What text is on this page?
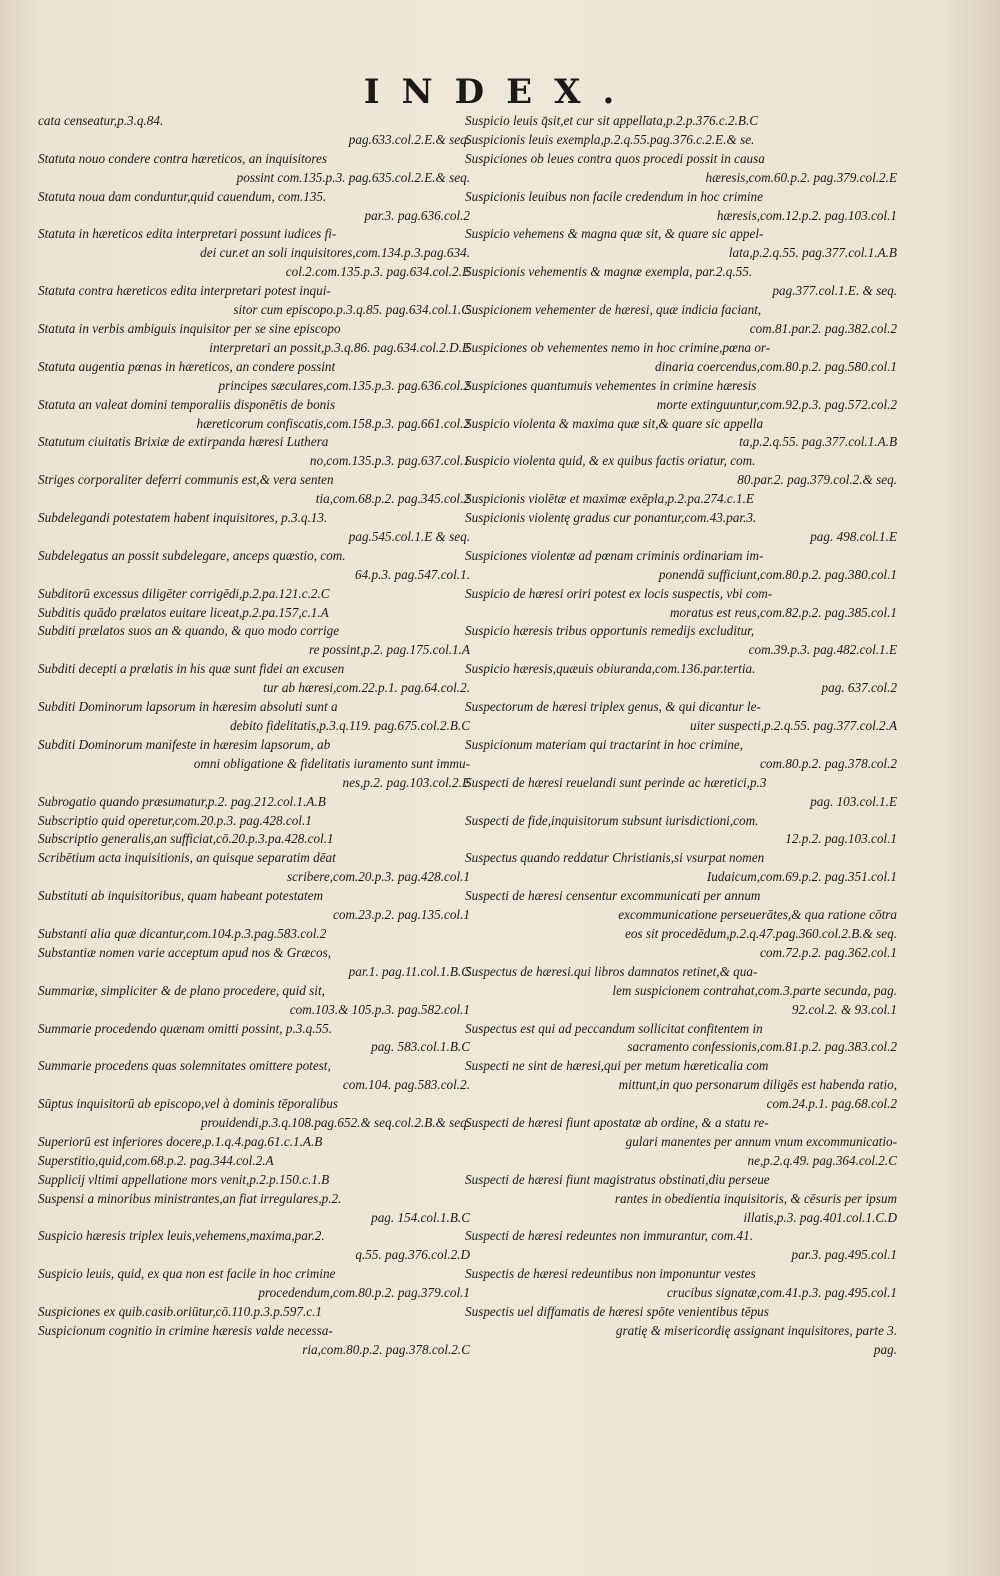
INDEX.
cata censeatur,p.3.q.84.
pag.633.col.2.E.& seq.
Statuta nouo condere contra hæreticos, an inquisitores
possint com.135.p.3. pag.635.col.2.E.& seq.
Statuta noua dam conduntur,quid cauendum, com.135.
par.3. pag.636.col.2
Statuta in hæreticos edita interpretari possunt iudices fi-
dei cur.et an soli inquisitores,com.134.p.3.pag.634.
col.2.com.135.p.3. pag.634.col.2.E
Statuta contra hæreticos edita interpretari potest inqui-
sitor cum episcopo.p.3.q.85. pag.634.col.1.C
Statuta in verbis ambiguis inquisitor per se sine episcopo
interpretari an possit,p.3.q.86. pag.634.col.2.D.E
Statuta augentia pœnas in hæreticos, an condere possint
principes sæculares,com.135.p.3. pag.636.col.2
Statuta an valeat domini temporaliis disponētis de bonis
hæreticorum confiscatis,com.158.p.3. pag.661.col.2
Statutum ciuitatis Brixiæ de extirpanda hæresi Luthera
no,com.135.p.3. pag.637.col.1
Striges corporaliter deferri communis est,& vera senten
tia,com.68.p.2. pag.345.col.2
Subdelegandi potestatem habent inquisitores, p.3.q.13.
pag.545.col.1.E & seq.
Subdelegatus an possit subdelegare, anceps quæstio, com.
64.p.3. pag.547.col.1.
Subditorū excessus diligēter corrigēdi,p.2.pa.121.c.2.C
Subditis quādo prælatos euitare liceat,p.2.pa.157,c.1.A
Subditi prælatos suos an & quando, & quo modo corrige
re possint,p.2. pag.175.col.1.A
Subditi decepti a prælatis in his quæ sunt fidei an excusen
tur ab hæresi,com.22.p.1. pag.64.col.2.
Subditi Dominorum lapsorum in hæresim absoluti sunt a
debito fidelitatis,p.3.q.119. pag.675.col.2.B.C
Subditi Dominorum manifeste in hæresim lapsorum, ab
omni obligatione & fidelitatis iuramento sunt immu-
nes,p.2. pag.103.col.2.E
Subrogatio quando præsumatur,p.2. pag.212.col.1.A.B
Subscriptio quid operetur,com.20.p.3. pag.428.col.1
Subscriptio generalis,an sufficiat,cō.20.p.3.pa.428.col.1
Scribētium acta inquisitionis, an quisque separatim dēat
scribere,com.20.p.3. pag.428.col.1
Substituti ab inquisitoribus, quam habeant potestatem
com.23.p.2. pag.135.col.1
Substanti alia quæ dicantur,com.104.p.3.pag.583.col.2
Substantiæ nomen varie acceptum apud nos & Græcos,
par.1. pag.11.col.1.B.C
Summariæ, simpliciter & de plano procedere, quid sit,
com.103.& 105.p.3. pag.582.col.1
Summarie procedendo quænam omitti possint, p.3.q.55.
pag. 583.col.1.B.C
Summarie procedens quas solemnitates omittere potest,
com.104. pag.583.col.2.
Sūptus inquisitorū ab episcopo,vel à dominis tēporalibus
prouidendi,p.3.q.108.pag.652.& seq.col.2.B.& seq.
Superiorū est inferiores docere,p.1.q.4.pag.61.c.1.A.B
Superstitio,quid,com.68.p.2. pag.344.col.2.A
Supplicij vltimi appellatione mors venit,p.2.p.150.c.1.B
Suspensi a minoribus ministrantes,an fiat irregulares,p.2.
pag. 154.col.1.B.C
Suspicio hæresis triplex leuis,vehemens,maxima,par.2.
q.55. pag.376.col.2.D
Suspicio leuis, quid, ex qua non est facile in hoc crimine
procedendum,com.80.p.2. pag.379.col.1
Suspiciones ex quib.casib.oriūtur,cō.110.p.3.p.597.c.1
Suspicionum cognitio in crimine hæresis valde necessa-
ria,com.80.p.2. pag.378.col.2.C
Suspicio leuis q̄sit,et cur sit appellata,p.2.p.376.c.2.B.C
Suspicionis leuis exempla,p.2.q.55.pag.376.c.2.E.& se.
Suspiciones ob leues contra quos procedi possit in causa
hæresis,com.60.p.2. pag.379.col.2.E
Suspicionis leuibus non facile credendum in hoc crimine
hæresis,com.12.p.2. pag.103.col.1
Suspicio vehemens & magna quæ sit, & quare sic appel-
lata,p.2.q.55. pag.377.col.1.A.B
Suspicionis vehementis & magnæ exempla, par.2.q.55.
pag.377.col.1.E. & seq.
Suspicionem vehementer de hæresi, quæ indicia faciant,
com.81.par.2. pag.382.col.2
Suspiciones ob vehementes nemo in hoc crimine,pœna or-
dinaria coercendus,com.80.p.2. pag.580.col.1
Suspiciones quantumuis vehementes in crimine hæresis
morte extinguuntur,com.92.p.3. pag.572.col.2
Suspicio violenta & maxima quæ sit,& quare sic appella
ta,p.2.q.55. pag.377.col.1.A.B
Suspicio violenta quid, & ex quibus factis oriatur, com.
80.par.2. pag.379.col.2.& seq.
Suspicionis violētæ et maximæ exēpla,p.2.pa.274.c.1.E
Suspicionis violentę gradus cur ponantur,com.43.par.3.
pag. 498.col.1.E
Suspiciones violentæ ad pœnam criminis ordinariam im-
ponendā sufficiunt,com.80.p.2. pag.380.col.1
Suspicio de hæresi oriri potest ex locis suspectis, vbi com-
moratus est reus,com.82.p.2. pag.385.col.1
Suspicio hæresis tribus opportunis remedijs excluditur,
com.39.p.3. pag.482.col.1.E
Suspicio hæresis,quæuis obiuranda,com.136.par.tertia.
pag. 637.col.2
Suspectorum de hæresi triplex genus, & qui dicantur le-
uiter suspecti,p.2.q.55. pag.377.col.2.A
Suspicionum materiam qui tractarint in hoc crimine,
com.80.p.2. pag.378.col.2
Suspecti de hæresi reuelandi sunt perinde ac hæretici,p.3
pag. 103.col.1.E
Suspecti de fide,inquisitorum subsunt iurisdictioni,com.
12.p.2. pag.103.col.1
Suspectus quando reddatur Christianis,si vsurpat nomen
Iudaicum,com.69.p.2. pag.351.col.1
Suspecti de hæresi censentur excommunicati per annum
excommunicatione perseuerātes,& qua ratione cōtra
eos sit procedēdum,p.2.q.47.pag.360.col.2.B.& seq.
com.72.p.2. pag.362.col.1
Suspectus de hæresi.qui libros damnatos retinet,& qua-
lem suspicionem contrahat,com.3.parte secunda, pag.
92.col.2. & 93.col.1
Suspectus est qui ad peccandum sollicitat confitentem in
sacramento confessionis,com.81.p.2. pag.383.col.2
Suspecti ne sint de hæresi,qui per metum hæreticalia com
mittunt,in quo personarum diligēs est habenda ratio,
com.24.p.1. pag.68.col.2
Suspecti de hæresi fiunt apostatæ ab ordine, & a statu re-
gulari manentes per annum vnum excommunicatio-
ne,p.2.q.49. pag.364.col.2.C
Suspecti de hæresi fiunt magistratus obstinati,diu perseue
rantes in obedientia inquisitoris, & cēsuris per ipsum
illatis,p.3. pag.401.col.1.C.D
Suspecti de hæresi redeuntes non immurantur, com.41.
par.3. pag.495.col.1
Suspectis de hæresi redeuntibus non imponuntur vestes
crucibus signatæ,com.41.p.3. pag.495.col.1
Suspectis uel diffamatis de hæresi spōte venientibus tēpus
gratię & misericordię assignant inquisitores, parte 3.
pag.
